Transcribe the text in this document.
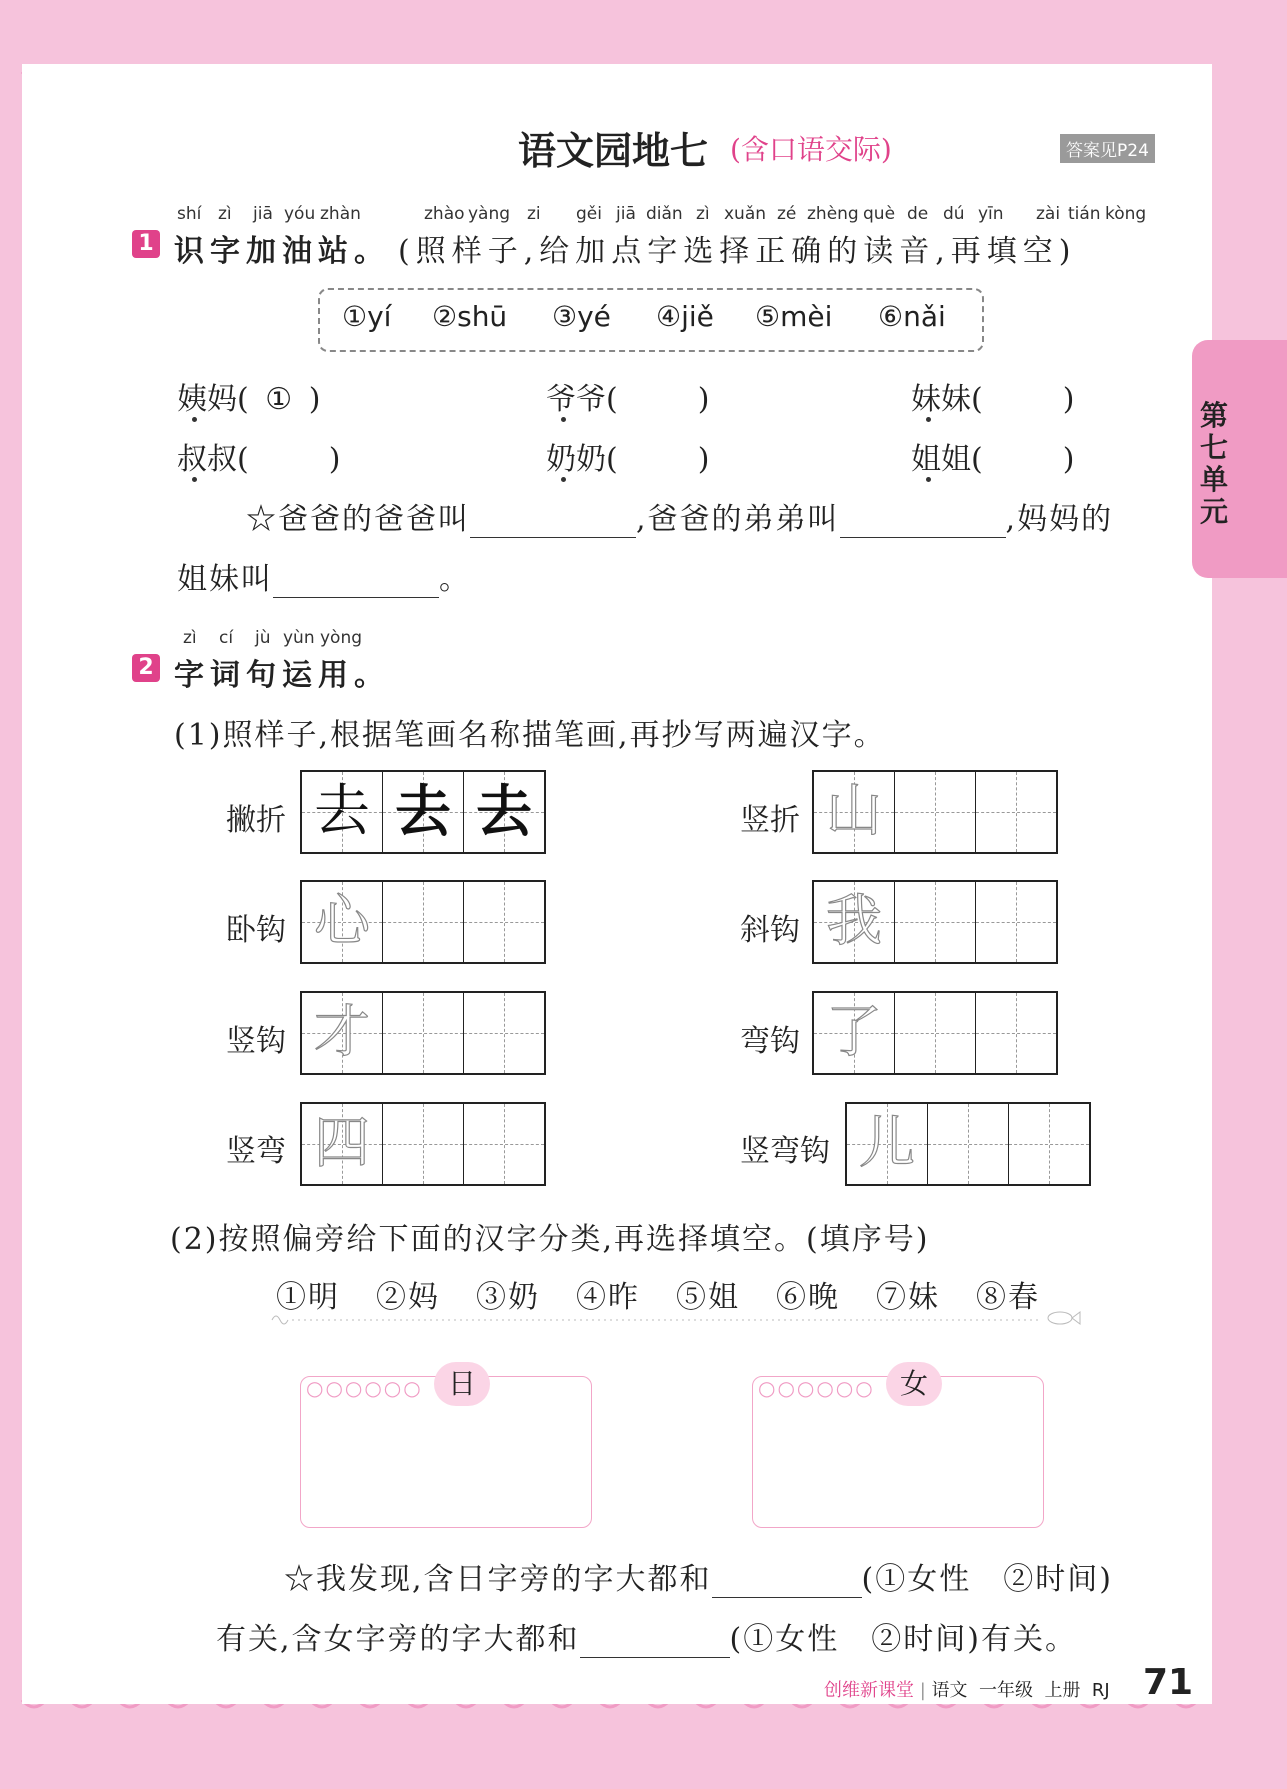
第七单元
语文园地七 (含口语交际)	答案见P24
shí zì jiā yóu zhàn	zhào yàng zi gěi jiā diǎn zì xuǎn zé zhèng què de dú yīn zài tián kòng
1 识字加油站。 (照样子,给加点字选择正确的读音,再填空)
①yí ②shū ③yé ④jiě ⑤mèi ⑥nǎi
姨妈( ① )	爷爷(	)	妹妹(	)
叔叔(	)	奶奶(	)	姐姐(	)
☆爸爸的爸爸叫	,爸爸的弟弟叫	,妈妈的
姐妹叫	。
zì cí jù yùn yòng
2 字词句运用。
(1)照样子,根据笔画名称描笔画,再抄写两遍汉字。
撇折 去 去 去	竖折 山
卧钩 心	斜钩 我
竖钩 才	弯钩 了
竖弯 四	竖弯钩 儿
(2)按照偏旁给下面的汉字分类,再选择填空。(填序号)
①明 ②妈 ③奶 ④昨 ⑤姐 ⑥晚 ⑦妹 ⑧春
○○○○○○ 日	○○○○○○ 女
☆我发现,含日字旁的字大都和	(①女性　②时间)
有关,含女字旁的字大都和	(①女性　②时间)有关。
创维新课堂 | 语文 一年级 上册 RJ 71
